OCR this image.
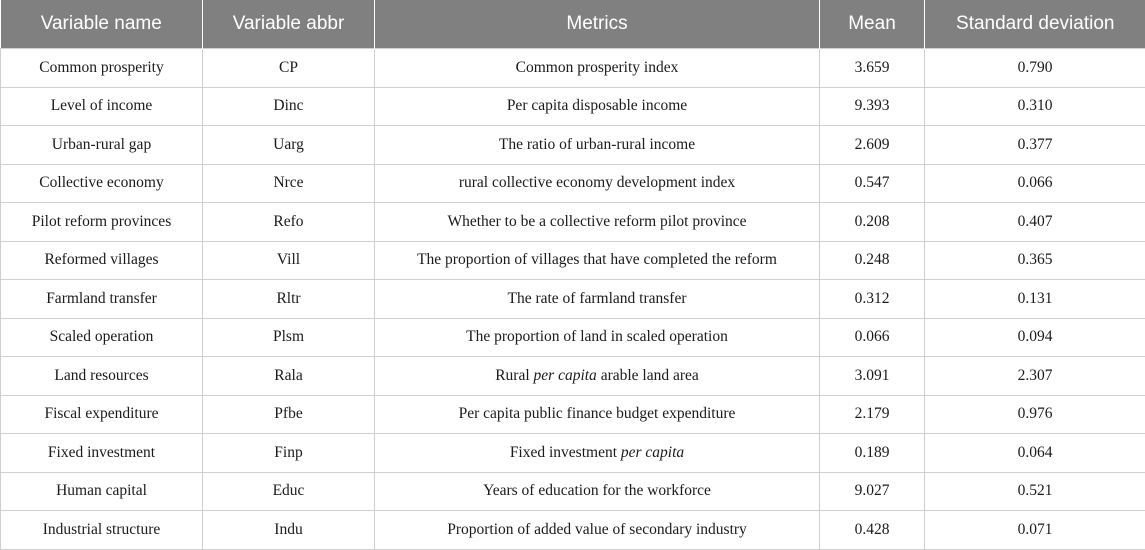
Variable name	Variable abbr	Metrics	Mean	Standard deviation
Common prosperity	CP	Common prosperity index	3.659	0.790
Level of income	Dinc	Per capita disposable income	9.393	0.310
Urban-rural gap	Uarg	The ratio of urban-rural income	2.609	0.377
Collective economy	Nrce	rural collective economy development index	0.547	0.066
Pilot reform provinces	Refo	Whether to be a collective reform pilot province	0.208	0.407
Reformed villages	Vill	The proportion of villages that have completed the reform	0.248	0.365
Farmland transfer	Rltr	The rate of farmland transfer	0.312	0.131
Scaled operation	Plsm	The proportion of land in scaled operation	0.066	0.094
Land resources	Rala	Rural per capita arable land area	3.091	2.307
Fiscal expenditure	Pfbe	Per capita public finance budget expenditure	2.179	0.976
Fixed investment	Finp	Fixed investment per capita	0.189	0.064
Human capital	Educ	Years of education for the workforce	9.027	0.521
Industrial structure	Indu	Proportion of added value of secondary industry	0.428	0.071
